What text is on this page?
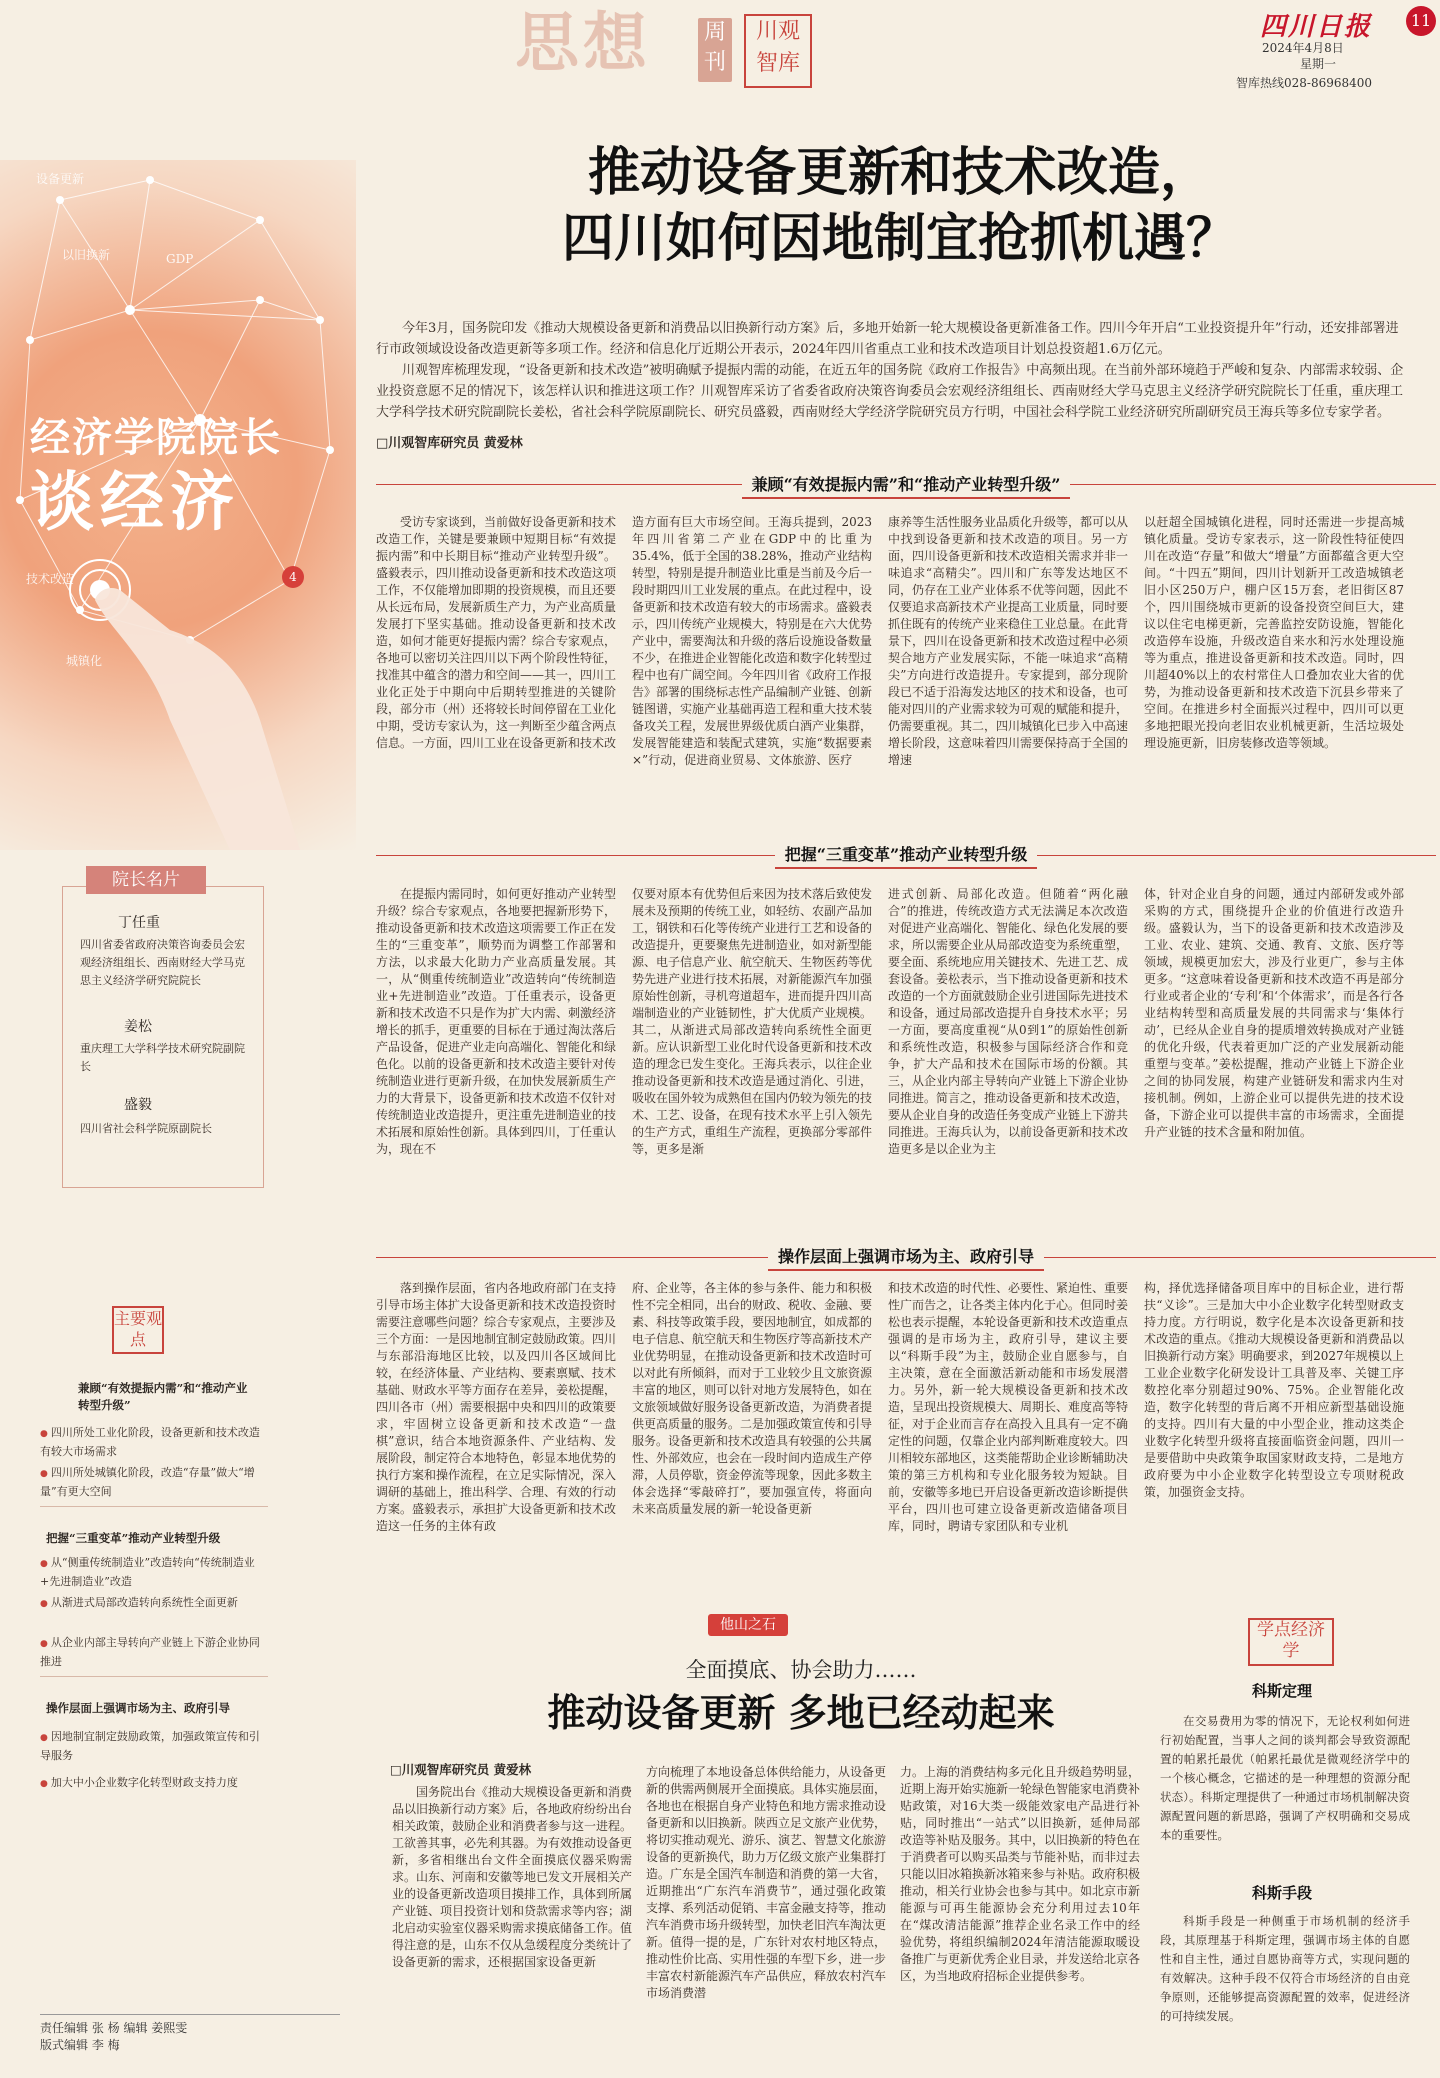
思想 周刊
川观智库
四川日报	11
2024年4月8日
星期一
智库热线028-86968400
设备更新
以旧换新	GDP
技术改造
城镇化
经济学院院长
谈经济
4
推动设备更新和技术改造，
四川如何因地制宜抢抓机遇？

今年3月，国务院印发《推动大规模设备更新和消费品以旧换新行动方案》后，多地开始新一轮大规模设备更新准备工作。四川今年开启“工业投资提升年”行动，还安排部署进行市政领域设设备改造更新等多项工作。经济和信息化厅近期公开表示，2024年四川省重点工业和技术改造项目计划总投资超1.6万亿元。

川观智库梳理发现，“设备更新和技术改造”被明确赋予提振内需的动能，在近五年的国务院《政府工作报告》中高频出现。在当前外部环境趋于严峻和复杂、内部需求较弱、企业投资意愿不足的情况下，该怎样认识和推进这项工作？川观智库采访了省委省政府决策咨询委员会宏观经济组组长、西南财经大学马克思主义经济学研究院院长丁任重，重庆理工大学科学技术研究院副院长姜松，省社会科学院原副院长、研究员盛毅，西南财经大学经济学院研究员方行明，中国社会科学院工业经济研究所副研究员王海兵等多位专家学者。

□川观智库研究员 黄爱林
兼顾“有效提振内需”和“推动产业转型升级”

受访专家谈到，当前做好设备更新和技术改造工作，关键是要兼顾中短期目标“有效提振内需”和中长期目标“推动产业转型升级”。盛毅表示，四川推动设备更新和技术改造这项工作，不仅能增加即期的投资规模，而且还要从长远布局，发展新质生产力，为产业高质量发展打下坚实基础。推动设备更新和技术改造，如何才能更好提振内需？综合专家观点，各地可以密切关注四川以下两个阶段性特征，找准其中蕴含的潜力和空间——其一，四川工业化正处于中期向中后期转型推进的关键阶段，部分市（州）还将较长时间停留在工业化中期，受访专家认为，这一判断至少蕴含两点信息。一方面，四川工业在设备更新和技术改

造方面有巨大市场空间。王海兵提到，2023年四川省第二产业在GDP中的比重为35.4%，低于全国的38.28%，推动产业结构转型，特别是提升制造业比重是当前及今后一段时期四川工业发展的重点。在此过程中，设备更新和技术改造有较大的市场需求。盛毅表示，四川传统产业规模大，特别是在六大优势产业中，需要淘汰和升级的落后设施设备数量不少，在推进企业智能化改造和数字化转型过程中也有广阔空间。今年四川省《政府工作报告》部署的围绕标志性产品编制产业链、创新链图谱，实施产业基础再造工程和重大技术装备攻关工程，发展世界级优质白酒产业集群，发展智能建造和装配式建筑，实施“数据要素×”行动，促进商业贸易、文体旅游、医疗

康养等生活性服务业品质化升级等，都可以从中找到设备更新和技术改造的项目。另一方面，四川设备更新和技术改造相关需求并非一味追求“高精尖”。四川和广东等发达地区不同，仍存在工业产业体系不优等问题，因此不仅要追求高新技术产业提高工业质量，同时要抓住既有的传统产业来稳住工业总量。在此背景下，四川在设备更新和技术改造过程中必须契合地方产业发展实际，不能一味追求“高精尖”方向进行改造提升。专家提到，部分现阶段已不适于沿海发达地区的技术和设备，也可能对四川的产业需求较为可观的赋能和提升，仍需要重视。其二，四川城镇化已步入中高速增长阶段，这意味着四川需要保持高于全国的增速

以赶超全国城镇化进程，同时还需进一步提高城镇化质量。受访专家表示，这一阶段性特征使四川在改造“存量”和做大“增量”方面都蕴含更大空间。“十四五”期间，四川计划新开工改造城镇老旧小区250万户，棚户区15万套，老旧街区87个，四川围绕城市更新的设备投资空间巨大，建议以住宅电梯更新，完善监控安防设施，智能化改造停车设施，升级改造自来水和污水处理设施等为重点，推进设备更新和技术改造。同时，四川超40%以上的农村常住人口叠加农业大省的优势，为推动设备更新和技术改造下沉县乡带来了空间。在推进乡村全面振兴过程中，四川可以更多地把眼光投向老旧农业机械更新，生活垃圾处理设施更新，旧房装修改造等领域。

把握“三重变革”推动产业转型升级

在提振内需同时，如何更好推动产业转型升级？综合专家观点，各地要把握新形势下，推动设备更新和技术改造这项需要工作正在发生的“三重变革”，顺势而为调整工作部署和方法，以求最大化助力产业高质量发展。其一，从“侧重传统制造业”改造转向“传统制造业+先进制造业”改造。丁任重表示，设备更新和技术改造不只是作为扩大内需、刺激经济增长的抓手，更重要的目标在于通过淘汰落后产品设备，促进产业走向高端化、智能化和绿色化。以前的设备更新和技术改造主要针对传统制造业进行更新升级，在加快发展新质生产力的大背景下，设备更新和技术改造不仅针对传统制造业改造提升，更注重先进制造业的技术拓展和原始性创新。具体到四川，丁任重认为，现在不

仅要对原本有优势但后来因为技术落后致使发展未及预期的传统工业，如轻纺、农副产品加工，钢铁和石化等传统产业进行工艺和设备的改造提升，更要聚焦先进制造业，如对新型能源、电子信息产业、航空航天、生物医药等优势先进产业进行技术拓展，对新能源汽车加强原始性创新，寻机弯道超车，进而提升四川高端制造业的产业链韧性，扩大优质产业规模。其二，从渐进式局部改造转向系统性全面更新。应认识新型工业化时代设备更新和技术改造的理念已发生变化。王海兵表示，以往企业推动设备更新和技术改造是通过消化、引进，吸收在国外较为成熟但在国内仍较为领先的技术、工艺、设备，在现有技术水平上引入领先的生产方式，重组生产流程，更换部分零部件等，更多是渐

进式创新、局部化改造。但随着“两化融合”的推进，传统改造方式无法满足本次改造对促进产业高端化、智能化、绿色化发展的要求，所以需要企业从局部改造变为系统重塑，要全面、系统地应用关键技术、先进工艺、成套设备。姜松表示，当下推动设备更新和技术改造的一个方面就鼓励企业引进国际先进技术和设备，通过局部改造提升自身技术水平；另一方面，要高度重视“从0到1”的原始性创新和系统性改造，积极参与国际经济合作和竞争，扩大产品和技术在国际市场的份额。其三，从企业内部主导转向产业链上下游企业协同推进。简言之，推动设备更新和技术改造，要从企业自身的改造任务变成产业链上下游共同推进。王海兵认为，以前设备更新和技术改造更多是以企业为主

体，针对企业自身的问题，通过内部研发或外部采购的方式，围绕提升企业的价值进行改造升级。盛毅认为，当下的设备更新和技术改造涉及工业、农业、建筑、交通、教育、文旅、医疗等领域，规模更加宏大，涉及行业更广，参与主体更多。“这意味着设备更新和技术改造不再是部分行业或者企业的‘专利’和‘个体需求’，而是各行各业结构转型和高质量发展的共同需求与‘集体行动’，已经从企业自身的提质增效转换成对产业链的优化升级，代表着更加广泛的产业发展新动能重塑与变革。”姜松提醒，推动产业链上下游企业之间的协同发展，构建产业链研发和需求内生对接机制。例如，上游企业可以提供先进的技术设备，下游企业可以提供丰富的市场需求，全面提升产业链的技术含量和附加值。

操作层面上强调市场为主、政府引导

落到操作层面，省内各地政府部门在支持引导市场主体扩大设备更新和技术改造投资时需要注意哪些问题？综合专家观点，主要涉及三个方面：一是因地制宜制定鼓励政策。四川与东部沿海地区比较，以及四川各区域间比较，在经济体量、产业结构、要素禀赋、技术基础、财政水平等方面存在差异，姜松提醒，四川各市（州）需要根据中央和四川的政策要求，牢固树立设备更新和技术改造“一盘棋”意识，结合本地资源条件、产业结构、发展阶段，制定符合本地特色，彰显本地优势的执行方案和操作流程，在立足实际情况，深入调研的基础上，推出科学、合理、有效的行动方案。盛毅表示，承担扩大设备更新和技术改造这一任务的主体有政

府、企业等，各主体的参与条件、能力和积极性不完全相同，出台的财政、税收、金融、要素、科技等政策手段，要因地制宜，如成都的电子信息、航空航天和生物医疗等高新技术产业优势明显，在推动设备更新和技术改造时可以对此有所倾斜，而对于工业较少且文旅资源丰富的地区，则可以针对地方发展特色，如在文旅领域做好服务设备更新改造，为消费者提供更高质量的服务。二是加强政策宣传和引导服务。设备更新和技术改造具有较强的公共属性、外部效应，也会在一段时间内造成生产停滞，人员停歇，资金停流等现象，因此多数主体会选择“零敲碎打”，要加强宣传，将面向未来高质量发展的新一轮设备更新

和技术改造的时代性、必要性、紧迫性、重要性广而告之，让各类主体内化于心。但同时姜松也表示提醒，本轮设备更新和技术改造重点强调的是市场为主，政府引导，建议主要以“科斯手段”为主，鼓励企业自愿参与，自主决策，意在全面激活新动能和市场发展潜力。另外，新一轮大规模设备更新和技术改造，呈现出投资规模大、周期长、难度高等特征，对于企业而言存在高投入且具有一定不确定性的问题，仅靠企业内部判断难度较大。四川相较东部地区，这类能帮助企业诊断辅助决策的第三方机构和专业化服务较为短缺。目前，安徽等多地已开启设备更新改造诊断提供平台，四川也可建立设备更新改造储备项目库，同时，聘请专家团队和专业机

构，择优选择储备项目库中的目标企业，进行帮扶“义诊”。三是加大中小企业数字化转型财政支持力度。方行明说，数字化是本次设备更新和技术改造的重点。《推动大规模设备更新和消费品以旧换新行动方案》明确要求，到2027年规模以上工业企业数字化研发设计工具普及率、关键工序数控化率分别超过90%、75%。企业智能化改造，数字化转型的背后离不开相应新型基础设施的支持。四川有大量的中小型企业，推动这类企业数字化转型升级将直接面临资金问题，四川一是要借助中央政策争取国家财政支持，二是地方政府要为中小企业数字化转型设立专项财税政策，加强资金支持。

院长名片
丁任重
四川省委省政府决策咨询委员会宏观经济组组长、西南财经大学马克思主义经济学研究院院长
姜松
重庆理工大学科学技术研究院副院长
盛毅
四川省社会科学院原副院长
主要观点
兼顾“有效提振内需”和“推动产业转型升级”
● 四川所处工业化阶段，设备更新和技术改造有较大市场需求
● 四川所处城镇化阶段，改造“存量”做大“增量”有更大空间
把握“三重变革”推动产业转型升级
● 从“侧重传统制造业”改造转向“传统制造业+先进制造业”改造
● 从渐进式局部改造转向系统性全面更新
● 从企业内部主导转向产业链上下游企业协同推进
操作层面上强调市场为主、政府引导
● 因地制宜制定鼓励政策，加强政策宣传和引导服务
● 加大中小企业数字化转型财政支持力度
他山之石
全面摸底、协会助力……
推动设备更新 多地已经动起来
□川观智库研究员 黄爱林

国务院出台《推动大规模设备更新和消费品以旧换新行动方案》后，各地政府纷纷出台相关政策，鼓励企业和消费者参与这一进程。工欲善其事，必先利其器。为有效推动设备更新，多省相继出台文件全面摸底仪器采购需求。山东、河南和安徽等地已发文开展相关产业的设备更新改造项目摸排工作，具体到所属产业链、项目投资计划和贷款需求等内容；湖北启动实验室仪器采购需求摸底储备工作。值得注意的是，山东不仅从急缓程度分类统计了设备更新的需求，还根据国家设备更新

方向梳理了本地设备总体供给能力，从设备更新的供需两侧展开全面摸底。具体实施层面，各地也在根据自身产业特色和地方需求推动设备更新和以旧换新。陕西立足文旅产业优势，将切实推动观光、游乐、演艺、智慧文化旅游设备的更新换代，助力万亿级文旅产业集群打造。广东是全国汽车制造和消费的第一大省，近期推出“广东汽车消费节”，通过强化政策支撑、系列活动促销、丰富金融支持等，推动汽车消费市场升级转型，加快老旧汽车淘汰更新。值得一提的是，广东针对农村地区特点，推动性价比高、实用性强的车型下乡，进一步丰富农村新能源汽车产品供应，释放农村汽车市场消费潜

力。上海的消费结构多元化且升级趋势明显，近期上海开始实施新一轮绿色智能家电消费补贴政策，对16大类一级能效家电产品进行补贴，同时推出“一站式”以旧换新，延伸局部改造等补贴及服务。其中，以旧换新的特色在于消费者可以购买品类与节能补贴，而非过去只能以旧冰箱换新冰箱来参与补贴。政府积极推动，相关行业协会也参与其中。如北京市新能源与可再生能源协会充分利用过去10年在“煤改清洁能源”推荐企业名录工作中的经验优势，将组织编制2024年清洁能源取暖设备推广与更新优秀企业目录，并发送给北京各区，为当地政府招标企业提供参考。

学点经济学
科斯定理
在交易费用为零的情况下，无论权利如何进行初始配置，当事人之间的谈判都会导致资源配置的帕累托最优（帕累托最优是微观经济学中的一个核心概念，它描述的是一种理想的资源分配状态）。科斯定理提供了一种通过市场机制解决资源配置问题的新思路，强调了产权明确和交易成本的重要性。
科斯手段
科斯手段是一种侧重于市场机制的经济手段，其原理基于科斯定理，强调市场主体的自愿性和自主性，通过自愿协商等方式，实现问题的有效解决。这种手段不仅符合市场经济的自由竞争原则，还能够提高资源配置的效率，促进经济的可持续发展。
责任编辑 张 杨 编辑 姜熙雯
版式编辑 李 梅
